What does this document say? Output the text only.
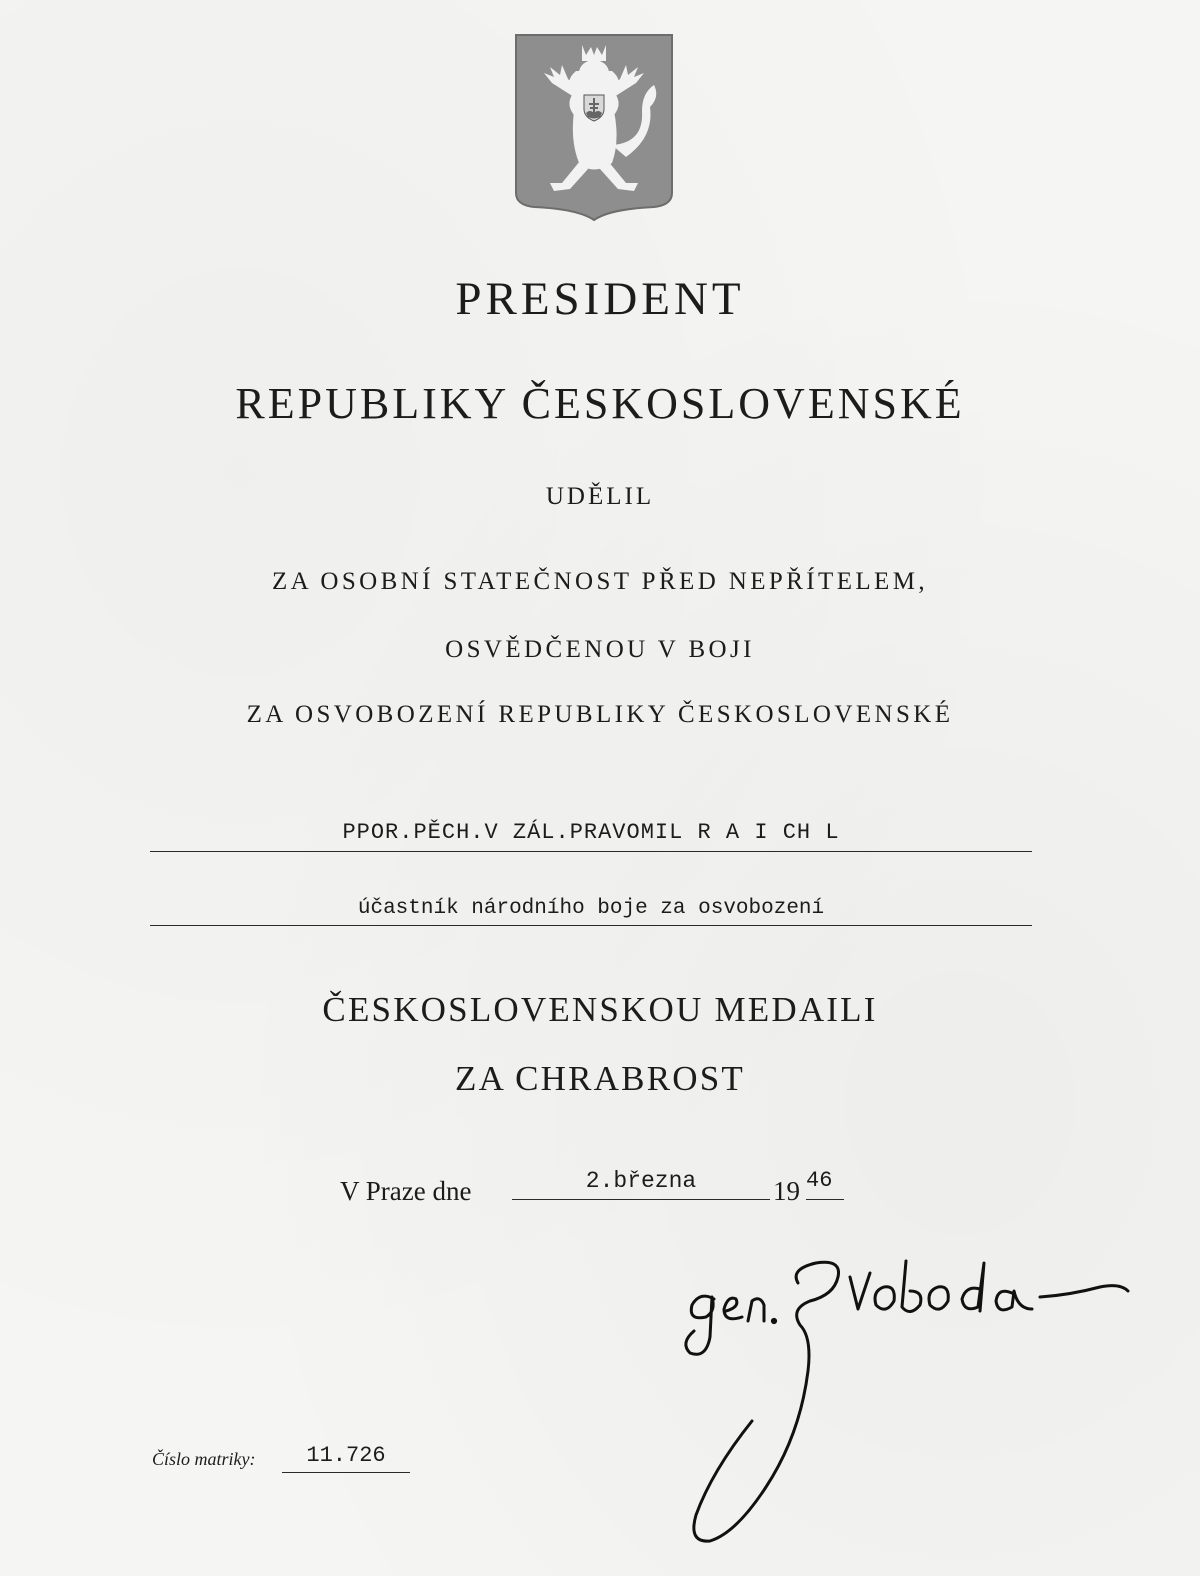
PRESIDENT
REPUBLIKY ČESKOSLOVENSKÉ
UDĚLIL
ZA OSOBNÍ STATEČNOST PŘED NEPŘÍTELEM,
OSVĚDČENOU V BOJI
ZA OSVOBOZENÍ REPUBLIKY ČESKOSLOVENSKÉ
PPOR.PĚCH.V ZÁL.PRAVOMIL R A I CH L
účastník národního boje za osvobození
ČESKOSLOVENSKOU MEDAILI
ZA CHRABROST
V Praze dne	2.března	19 46
Číslo matriky:	11.726
